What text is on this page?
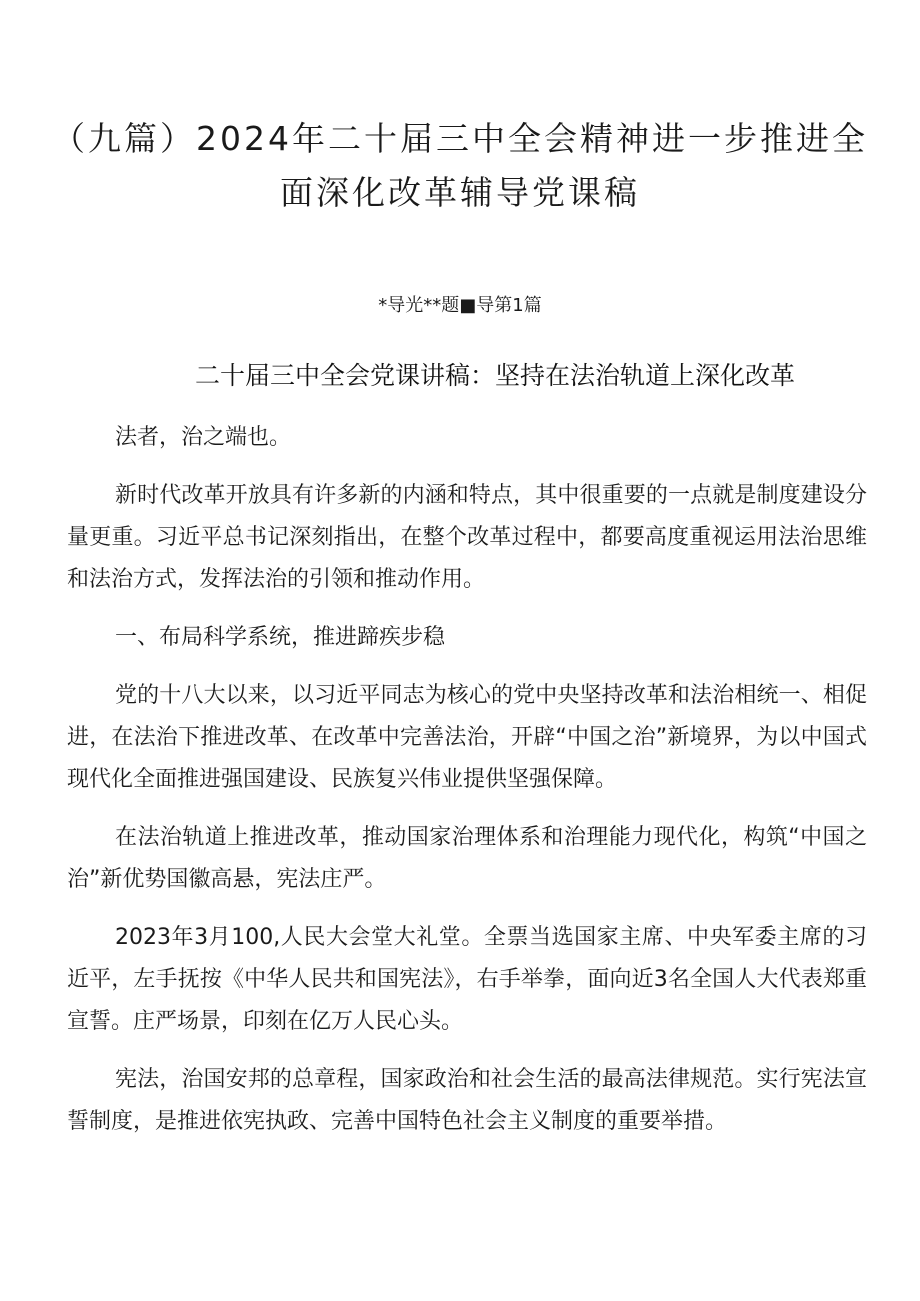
（九篇）2024年二十届三中全会精神进一步推进全
面深化改革辅导党课稿
*导光**题■导第1篇
二十届三中全会党课讲稿：坚持在法治轨道上深化改革

法者，治之端也。

新时代改革开放具有许多新的内涵和特点，其中很重要的一点就是制度建设分量更重。习近平总书记深刻指出，在整个改革过程中，都要高度重视运用法治思维和法治方式，发挥法治的引领和推动作用。

一、布局科学系统，推进蹄疾步稳

党的十八大以来，以习近平同志为核心的党中央坚持改革和法治相统一、相促进，在法治下推进改革、在改革中完善法治，开辟“中国之治”新境界，为以中国式现代化全面推进强国建设、民族复兴伟业提供坚强保障。

在法治轨道上推进改革，推动国家治理体系和治理能力现代化，构筑“中国之治”新优势国徽高悬，宪法庄严。

2023年3月100,人民大会堂大礼堂。全票当选国家主席、中央军委主席的习近平，左手抚按《中华人民共和国宪法》，右手举拳，面向近3名全国人大代表郑重宣誓。庄严场景，印刻在亿万人民心头。

宪法，治国安邦的总章程，国家政治和社会生活的最高法律规范。实行宪法宣誓制度，是推进依宪执政、完善中国特色社会主义制度的重要举措。
